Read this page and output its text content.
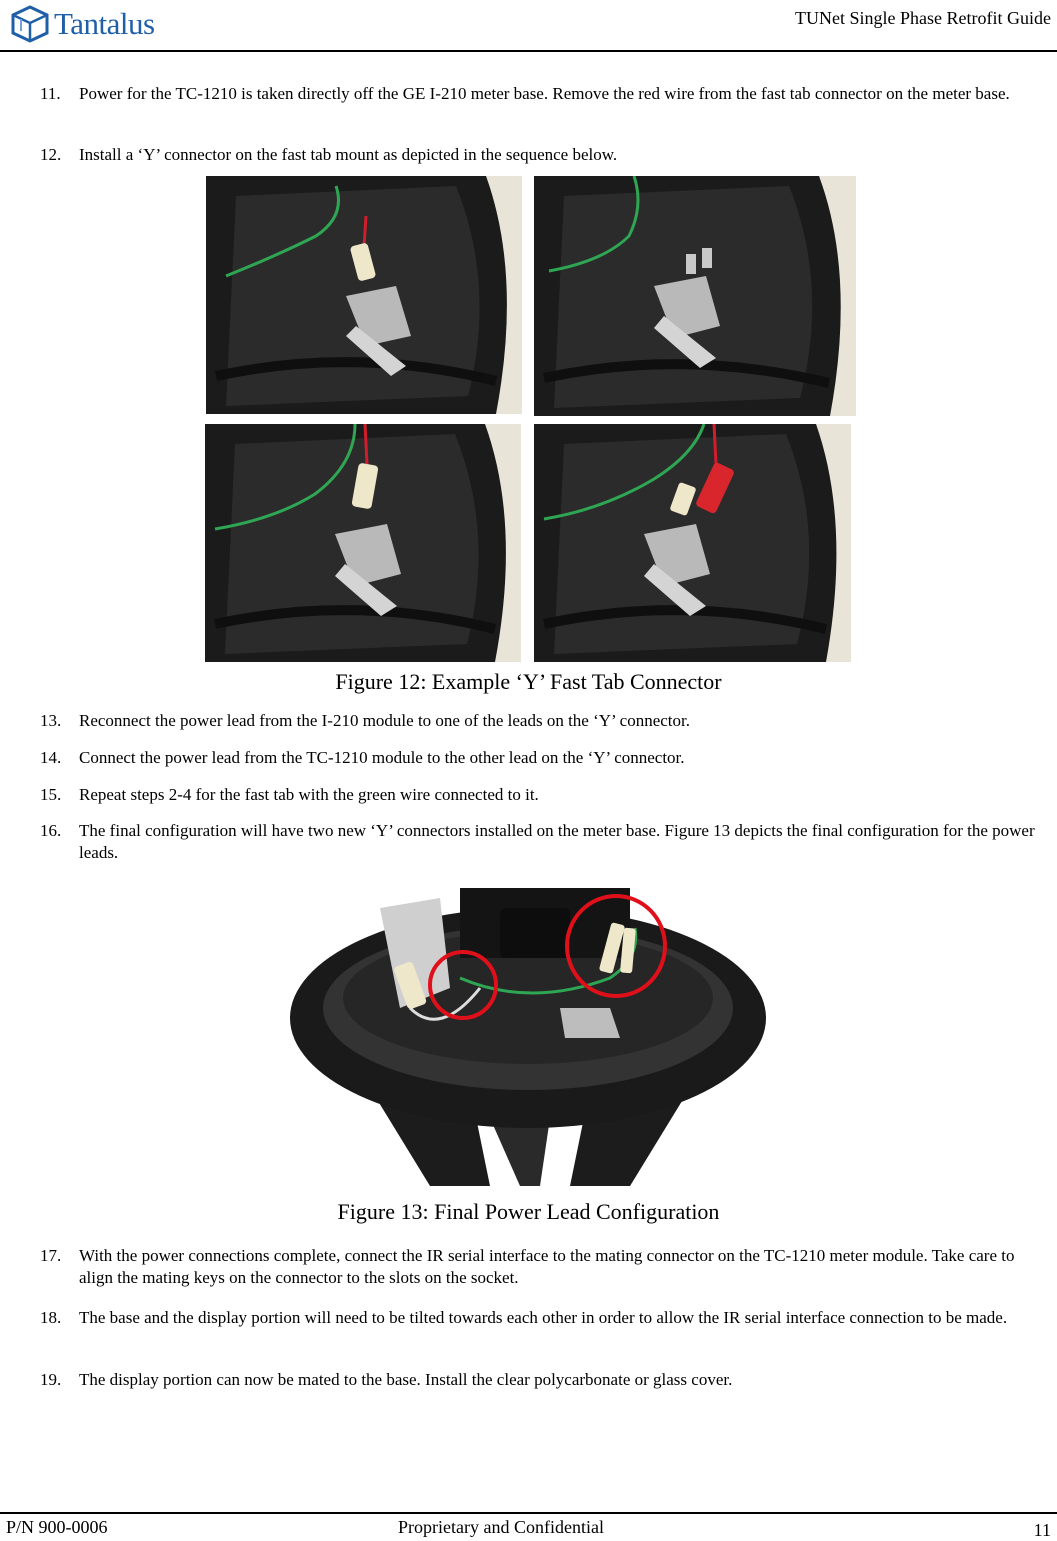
Tantalus	TUNet Single Phase Retrofit Guide
11.	Power for the TC-1210 is taken directly off the GE I-210 meter base. Remove the red wire from the fast tab connector on the meter base.
12.	Install a ‘Y’ connector on the fast tab mount as depicted in the sequence below.
Figure 12: Example ‘Y’ Fast Tab Connector
13.	Reconnect the power lead from the I-210 module to one of the leads on the ‘Y’ connector.
14.	Connect the power lead from the TC-1210 module to the other lead on the ‘Y’ connector.
15.	Repeat steps 2-4 for the fast tab with the green wire connected to it.
16.	The final configuration will have two new ‘Y’ connectors installed on the meter base. Figure 13 depicts the final configuration for the power leads.
Figure 13: Final Power Lead Configuration
17.	With the power connections complete, connect the IR serial interface to the mating connector on the TC-1210 meter module. Take care to align the mating keys on the connector to the slots on the socket.
18.	The base and the display portion will need to be tilted towards each other in order to allow the IR serial interface connection to be made.
19.	The display portion can now be mated to the base. Install the clear polycarbonate or glass cover.
P/N 900-0006	Proprietary and Confidential	11
